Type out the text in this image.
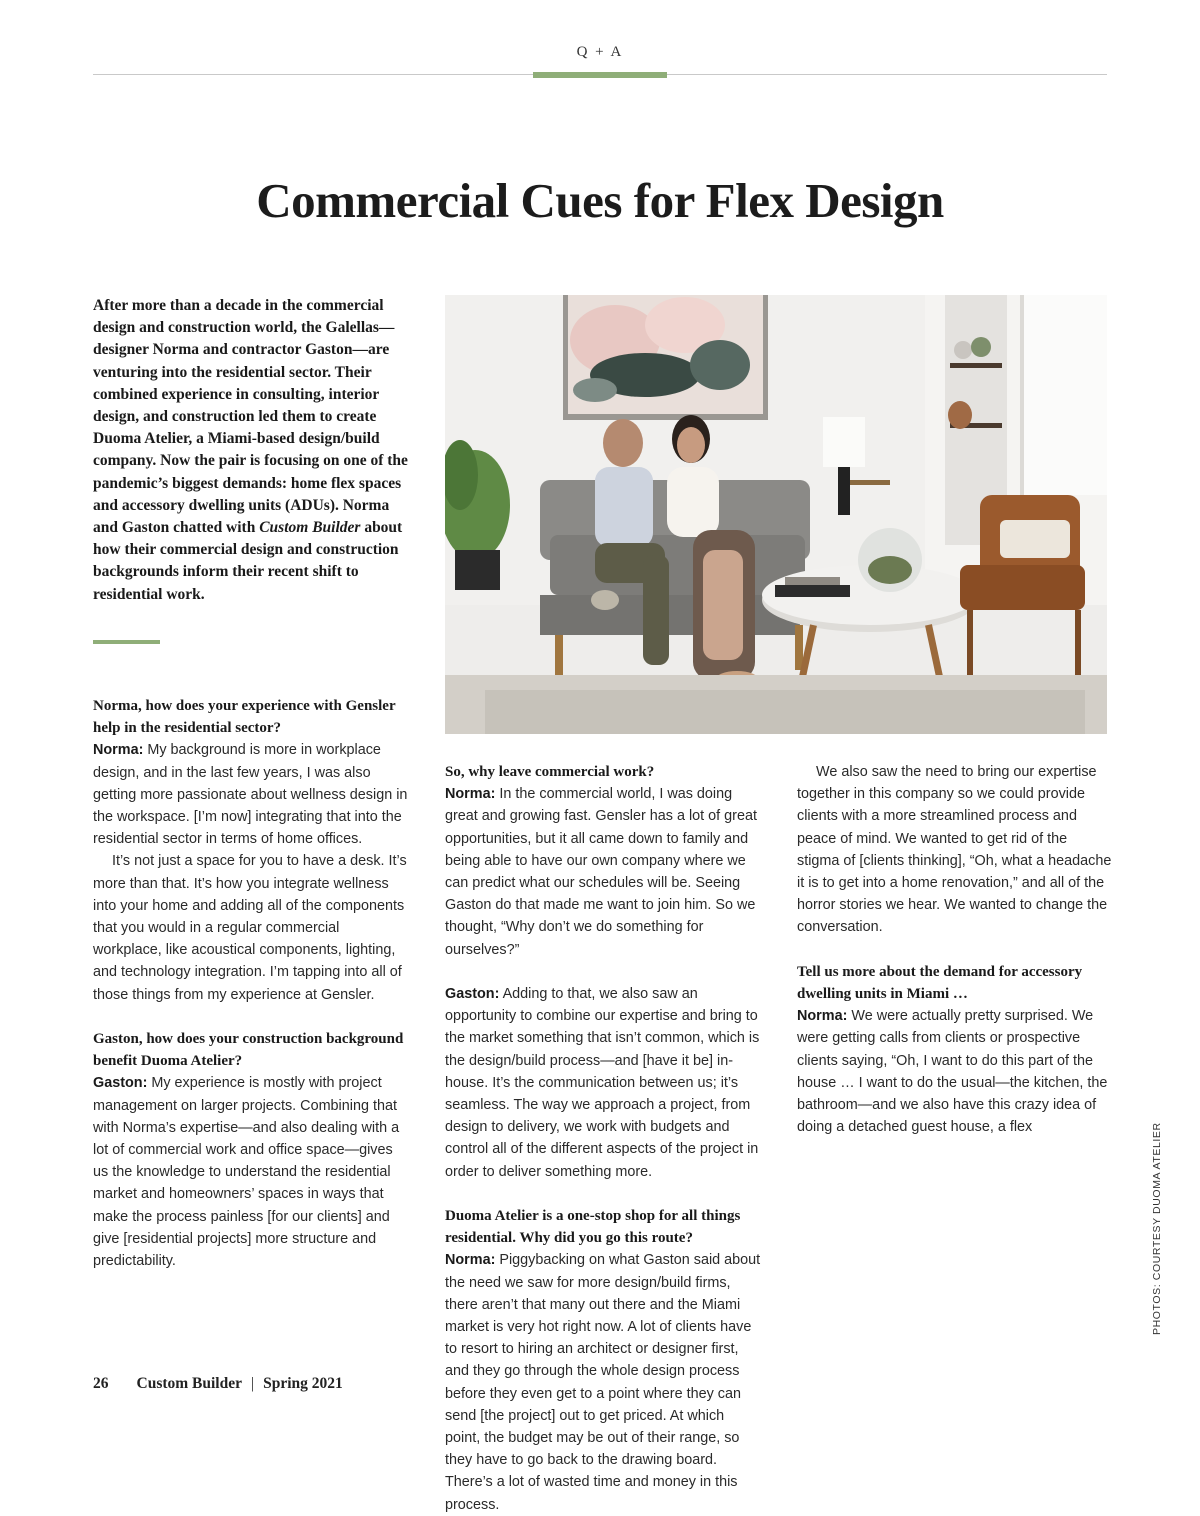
Q + A
Commercial Cues for Flex Design

After more than a decade in the commercial design and construction world, the Galellas—designer Norma and contractor Gaston—are venturing into the residential sector. Their combined experience in consulting, interior design, and construction led them to create Duoma Atelier, a Miami-based design/build company. Now the pair is focusing on one of the pandemic’s biggest demands: home flex spaces and accessory dwelling units (ADUs). Norma and Gaston chatted with Custom Builder about how their commercial design and construction backgrounds inform their recent shift to residential work.

Norma, how does your experience with Gensler help in the residential sector?

Norma: My background is more in workplace design, and in the last few years, I was also getting more passionate about wellness design in the workspace. [I’m now] integrating that into the residential sector in terms of home offices.

It’s not just a space for you to have a desk. It’s more than that. It’s how you integrate wellness into your home and adding all of the components that you would in a regular commercial workplace, like acoustical components, lighting, and technology integration. I’m tapping into all of those things from my experience at Gensler.

Gaston, how does your construction background benefit Duoma Atelier?

Gaston: My experience is mostly with project management on larger projects. Combining that with Norma’s expertise—and also dealing with a lot of commercial work and office space—gives us the knowledge to understand the residential market and homeowners’ spaces in ways that make the process painless [for our clients] and give [residential projects] more structure and predictability.

So, why leave commercial work?

Norma: In the commercial world, I was doing great and growing fast. Gensler has a lot of great opportunities, but it all came down to family and being able to have our own company where we can predict what our schedules will be. Seeing Gaston do that made me want to join him. So we thought, “Why don’t we do something for ourselves?”

Gaston: Adding to that, we also saw an opportunity to combine our expertise and bring to the market something that isn’t common, which is the design/build process—and [have it be] in-house. It’s the communication between us; it’s seamless. The way we approach a project, from design to delivery, we work with budgets and control all of the different aspects of the project in order to deliver something more.

Duoma Atelier is a one-stop shop for all things residential. Why did you go this route?

Norma: Piggybacking on what Gaston said about the need we saw for more design/build firms, there aren’t that many out there and the Miami market is very hot right now. A lot of clients have to resort to hiring an architect or designer first, and they go through the whole design process before they even get to a point where they can send [the project] out to get priced. At which point, the budget may be out of their range, so they have to go back to the drawing board. There’s a lot of wasted time and money in this process.

We also saw the need to bring our expertise together in this company so we could provide clients with a more streamlined process and peace of mind. We wanted to get rid of the stigma of [clients thinking], “Oh, what a headache it is to get into a home renovation,” and all of the horror stories we hear. We wanted to change the conversation.

Tell us more about the demand for accessory dwelling units in Miami …

Norma: We were actually pretty surprised. We were getting calls from clients or prospective clients saying, “Oh, I want to do this part of the house … I want to do the usual—the kitchen, the bathroom—and we also have this crazy idea of doing a detached guest house, a flex	PHOTOS: COURTESY DUOMA ATELIER
26 Custom Builder | Spring 2021
